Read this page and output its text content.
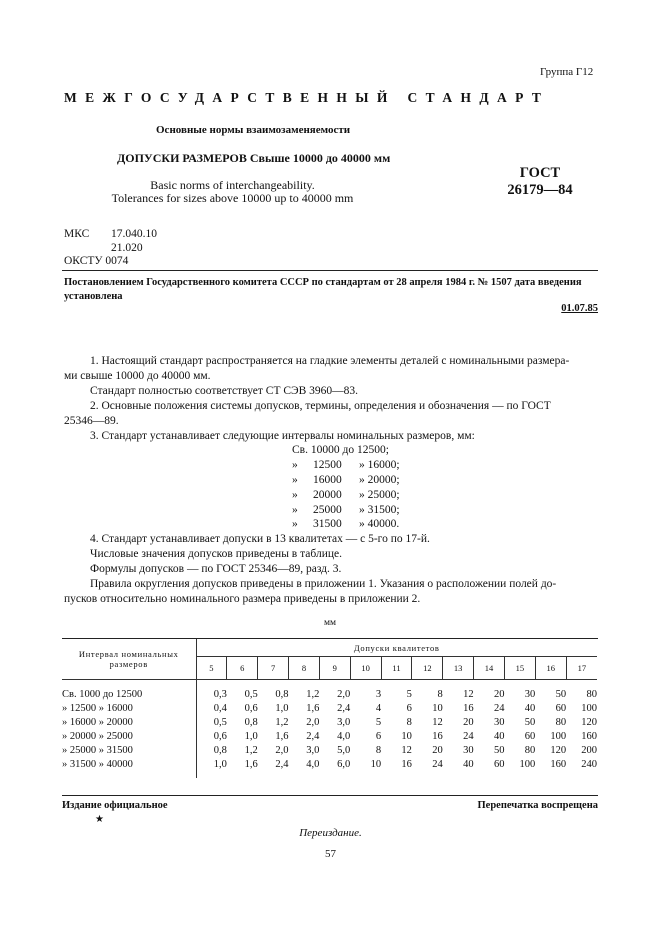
Группа Г12
МЕЖГОСУДАРСТВЕННЫЙ СТАНДАРТ
Основные нормы взаимозаменяемости
ДОПУСКИ РАЗМЕРОВ Свыше 10000 до 40000 мм
Basic norms of interchangeability.
Tolerances for sizes above 10000 up to 40000 mm
ГОСТ
26179—84
МКС 17.040.10
21.020
ОКСТУ 0074
Постановлением Государственного комитета СССР по стандартам от 28 апреля 1984 г. № 1507 дата введения установлена
01.07.85
1. Настоящий стандарт распространяется на гладкие элементы деталей с номинальными размера-
ми свыше 10000 до 40000 мм.
Стандарт полностью соответствует СТ СЭВ 3960—83.
2. Основные положения системы допусков, термины, определения и обозначения — по ГОСТ
25346—89.
3. Стандарт устанавливает следующие интервалы номинальных размеров, мм:
Св. 10000 до 12500;
» 12500 » 16000;
» 16000 » 20000;
» 20000 » 25000;
» 25000 » 31500;
» 31500 » 40000.
4. Стандарт устанавливает допуски в 13 квалитетах — с 5-го по 17-й.
Числовые значения допусков приведены в таблице.
Формулы допусков — по ГОСТ 25346—89, разд. 3.
Правила округления допусков приведены в приложении 1. Указания о расположении полей до-
пусков относительно номинального размера приведены в приложении 2.
мм
Интервал номинальных
размеров	Допуски квалитетов												
	5	6	7	8	9	10	11	12	13	14	15	16	17

Св. 1000 до 12500	0,3	0,5	0,8	1,2	2,0	3	5	8	12	20	30	50	80
» 12500 » 16000	0,4	0,6	1,0	1,6	2,4	4	6	10	16	24	40	60	100
» 16000 » 20000	0,5	0,8	1,2	2,0	3,0	5	8	12	20	30	50	80	120
» 20000 » 25000	0,6	1,0	1,6	2,4	4,0	6	10	16	24	40	60	100	160
» 25000 » 31500	0,8	1,2	2,0	3,0	5,0	8	12	20	30	50	80	120	200
» 31500 » 40000	1,0	1,6	2,4	4,0	6,0	10	16	24	40	60	100	160	240

Издание официальное
★
Перепечатка воспрещена
Переиздание.
57
